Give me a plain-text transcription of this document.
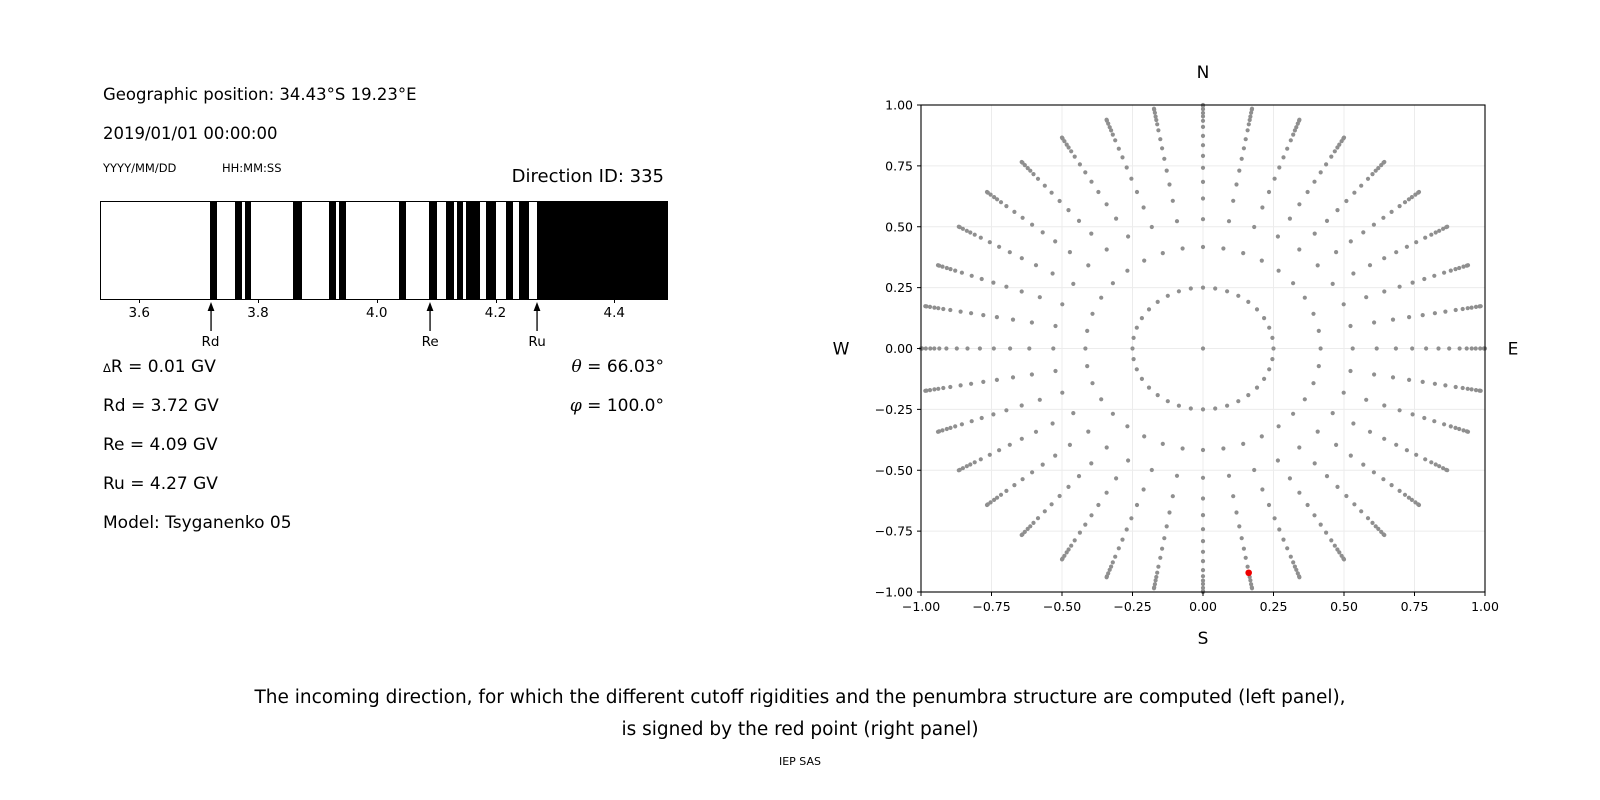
Geographic position: 34.43°S 19.23°E
2019/01/01 00:00:00
YYYY/MM/DD	HH:MM:SS	Direction ID: 335
3.6	3.8	4.0	4.2	4.4
ΔR = 0.01 GV
Rd = 3.72 GV
Re = 4.09 GV
Ru = 4.27 GV
Model: Tsyganenko 05
θ = 66.03°
φ = 100.0°
−1.00	−0.75	−0.50	−0.25	0.00	0.25	0.50	0.75	1.00
1.00
0.75
0.50
0.25
0.00
−0.25
−0.50
−0.75
−1.00
N
S
W	E
The incoming direction, for which the different cutoff rigidities and the penumbra structure are computed (left panel),
is signed by the red point (right panel)
IEP SAS
Rd	Re	Ru
